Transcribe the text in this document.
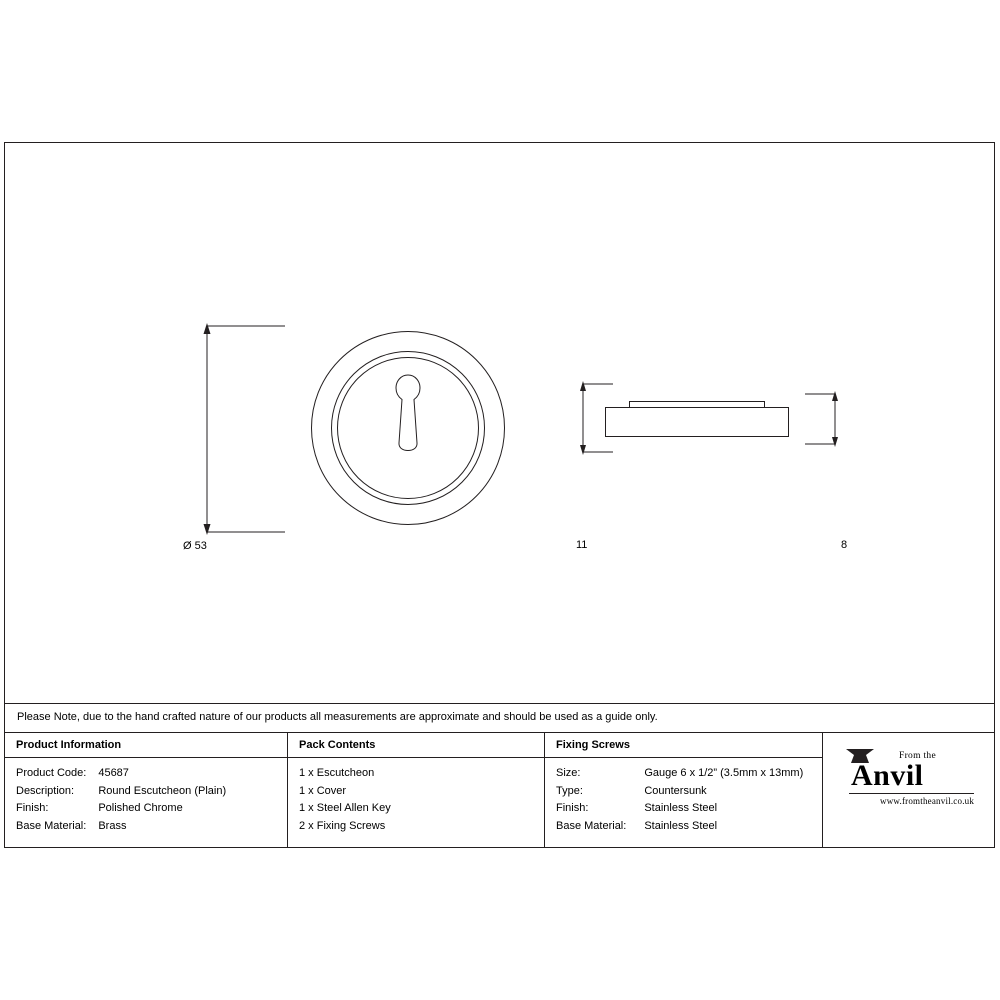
Ø 53	11	8
Please Note, due to the hand crafted nature of our products all measurements are approximate and should be used as a guide only.
Product Information
Product Code:	45687
Description:	Round Escutcheon (Plain)
Finish:	Polished Chrome
Base Material:	Brass
Pack Contents
1 x Escutcheon
1 x Cover
1 x Steel Allen Key
2 x Fixing Screws
Fixing Screws
Size:	Gauge 6 x 1/2” (3.5mm x 13mm)
Type:	Countersunk
Finish:	Stainless Steel
Base Material:	Stainless Steel
From the
Anvil
www.fromtheanvil.co.uk
